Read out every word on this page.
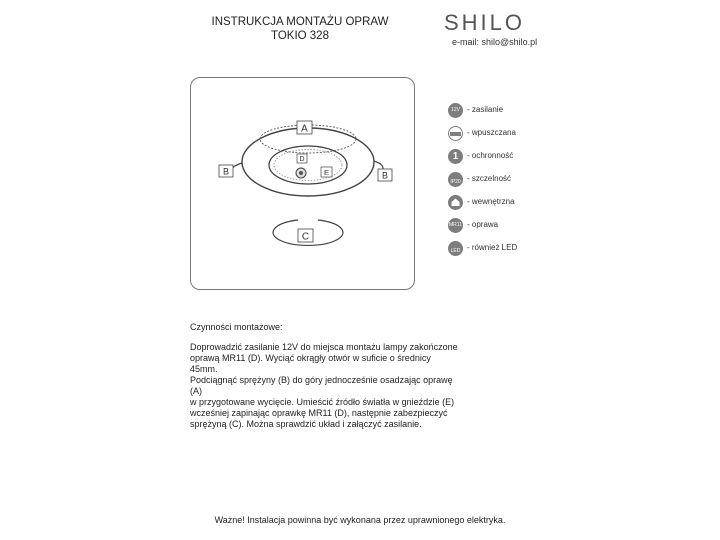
INSTRUKCJA MONTAŻU OPRAW
TOKIO 328
SHILO
e-mail: shilo@shilo.pl
A
B	B
D
E
C
12V - zasilanie
- wpuszczana
1	- ochronność
IP20 - szczelność
- wewnętrzna
MR11 - oprawa
LED - również LED
Czynności montażowe:
Doprowadzić zasilanie 12V do miejsca montażu lampy zakończone
oprawą MR11 (D). Wyciąć okrągły otwór w suficie o średnicy 45mm.
Podciągnąć sprężyny (B) do góry jednocześnie osadzając oprawę (A)
w przygotowane wycięcie. Umieścić źródło światła w gnieździe (E)
wcześniej zapinając oprawkę MR11 (D), następnie zabezpieczyć
sprężyną (C). Można sprawdzić układ i załączyć zasilanie.
Ważne! Instalacja powinna być wykonana przez uprawnionego elektryka.
